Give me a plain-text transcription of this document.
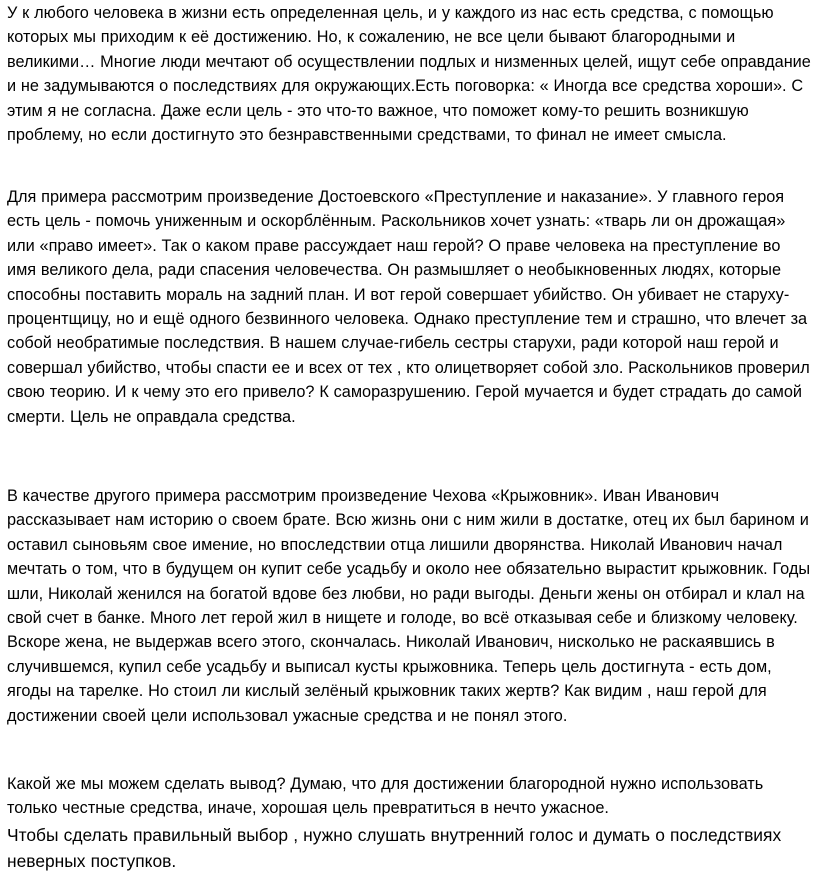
У к любого человека в жизни есть определенная цель, и у каждого из нас есть средства, с помощью которых мы приходим к её достижению. Но, к сожалению, не все цели бывают благородными и великими… Многие люди мечтают об осуществлении подлых и низменных целей, ищут себе оправдание и не задумываются о последствиях для окружающих.Есть поговорка: « Иногда все средства хороши». С этим я не согласна. Даже если цель - это что-то важное, что поможет кому-то решить возникшую проблему, но если достигнуто это безнравственными средствами, то финал не имеет смысла.

Для примера рассмотрим произведение Достоевского «Преступление и наказание». У главного героя есть цель - помочь униженным и оскорблённым. Раскольников хочет узнать: «тварь ли он дрожащая» или «право имеет». Так о каком праве рассуждает наш герой? О праве человека на преступление во имя великого дела, ради спасения человечества. Он размышляет о необыкновенных людях, которые способны поставить мораль на задний план. И вот герой совершает убийство. Он убивает не старуху-процентщицу, но и ещё одного безвинного человека. Однако преступление тем и страшно, что влечет за собой необратимые последствия. В нашем случае-гибель сестры старухи, ради которой наш герой и совершал убийство, чтобы спасти ее и всех от тех , кто олицетворяет собой зло. Раскольников проверил свою теорию. И к чему это его привело? К саморазрушению. Герой мучается и будет страдать до самой смерти. Цель не оправдала средства.

В качестве другого примера рассмотрим произведение Чехова «Крыжовник». Иван Иванович рассказывает нам историю о своем брате. Всю жизнь они с ним жили в достатке, отец их был барином и оставил сыновьям свое имение, но впоследствии отца лишили дворянства. Николай Иванович начал мечтать о том, что в будущем он купит себе усадьбу и около нее обязательно вырастит крыжовник. Годы шли, Николай женился на богатой вдове без любви, но ради выгоды. Деньги жены он отбирал и клал на свой счет в банке. Много лет герой жил в нищете и голоде, во всё отказывая себе и близкому человеку. Вскоре жена, не выдержав всего этого, скончалась. Николай Иванович, нисколько не раскаявшись в случившемся, купил себе усадьбу и выписал кусты крыжовника. Теперь цель достигнута - есть дом, ягоды на тарелке. Но стоил ли кислый зелёный крыжовник таких жертв? Как видим , наш герой для достижении своей цели использовал ужасные средства и не понял этого.

Какой же мы можем сделать вывод? Думаю, что для достижении благородной нужно использовать только честные средства, иначе, хорошая цель превратиться в нечто ужасное.

Чтобы сделать правильный выбор , нужно слушать внутренний голос и думать о последствиях неверных поступков.
